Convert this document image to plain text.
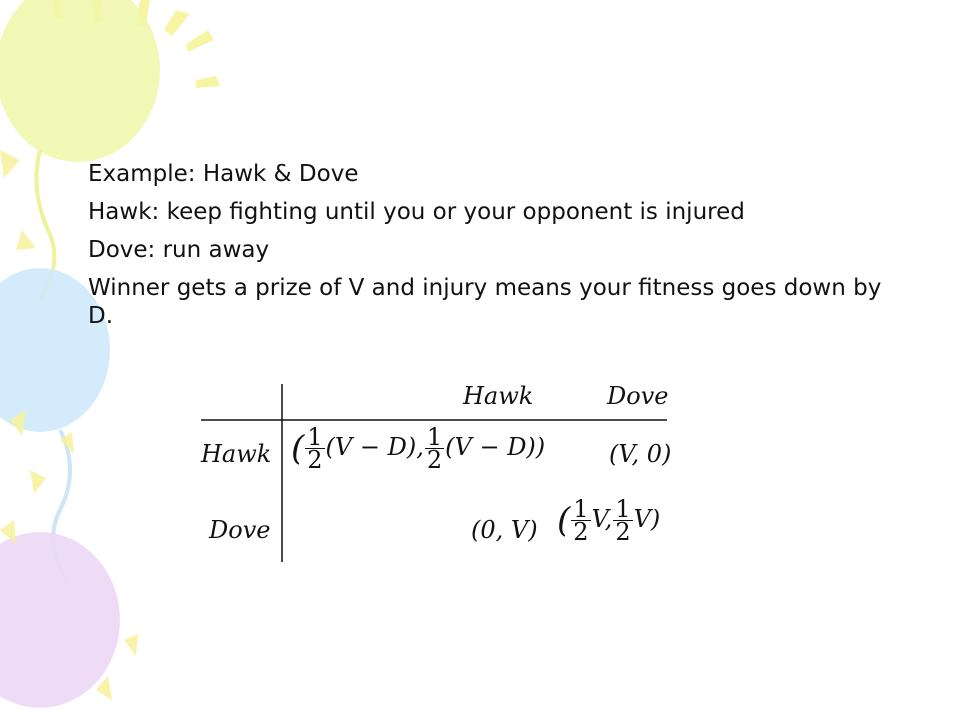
Example: Hawk & Dove
Hawk: keep fighting until you or your opponent is injured
Dove: run away
Winner gets a prize of V and injury means your fitness goes down by D.
Hawk	Dove
Hawk
Dove
( $\frac{1}{2} (V - D)$, $\frac{1}{2} (V - D)$)	(V, 0)
(0, V) ( $\frac{1}{2} V$, $\frac{1}{2} V$)
